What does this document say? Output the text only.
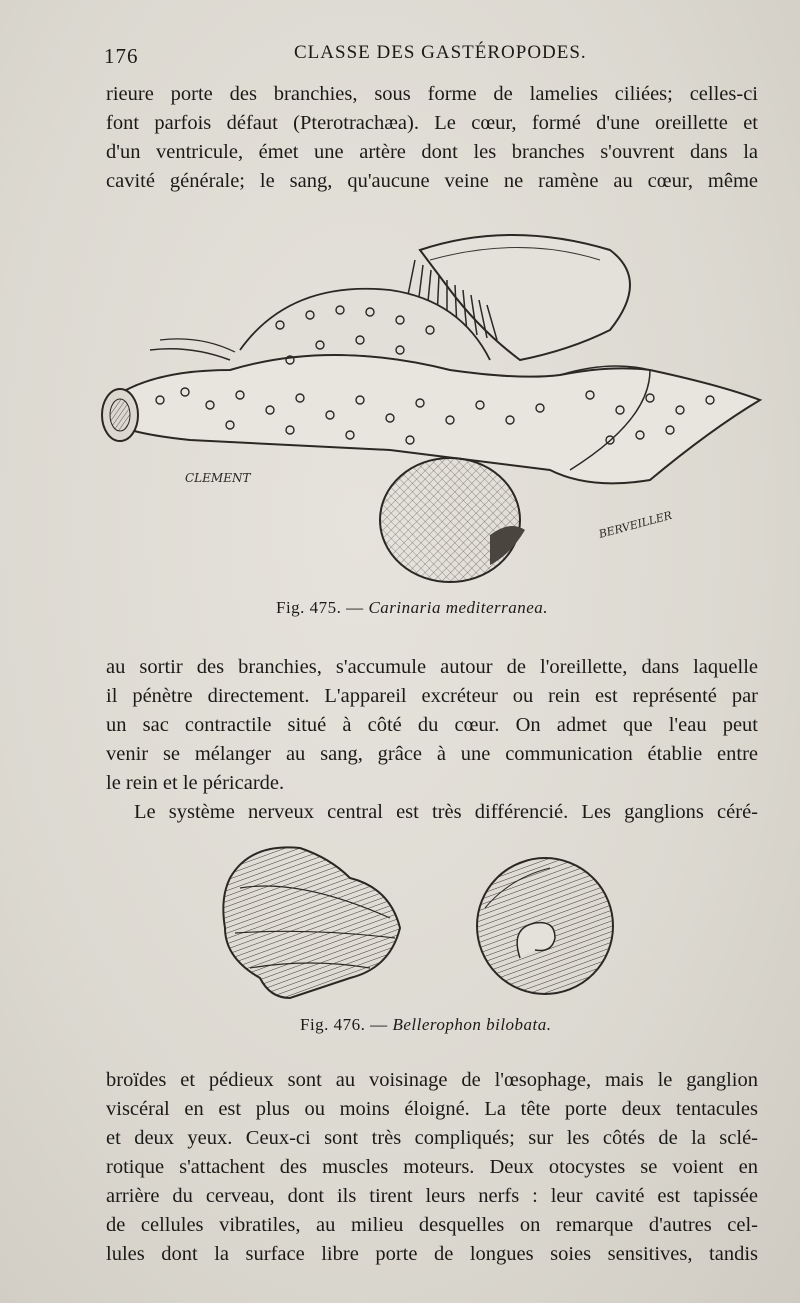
176	CLASSE DES GASTÉROPODES.
rieure porte des branchies, sous forme de lamelies ciliées; celles-ci
font parfois défaut (Pterotrachæa). Le cœur, formé d'une oreillette et
d'un ventricule, émet une artère dont les branches s'ouvrent dans la
cavité générale; le sang, qu'aucune veine ne ramène au cœur, même
CLEMENT
BERVEILLER
Fig. 475. — Carinaria mediterranea.
au sortir des branchies, s'accumule autour de l'oreillette, dans laquelle
il pénètre directement. L'appareil excréteur ou rein est représenté par
un sac contractile situé à côté du cœur. On admet que l'eau peut
venir se mélanger au sang, grâce à une communication établie entre
le rein et le péricarde.
Le système nerveux central est très différencié. Les ganglions céré-
Fig. 476. — Bellerophon bilobata.
broïdes et pédieux sont au voisinage de l'œsophage, mais le ganglion
viscéral en est plus ou moins éloigné. La tête porte deux tentacules
et deux yeux. Ceux-ci sont très compliqués; sur les côtés de la sclé-
rotique s'attachent des muscles moteurs. Deux otocystes se voient en
arrière du cerveau, dont ils tirent leurs nerfs : leur cavité est tapissée
de cellules vibratiles, au milieu desquelles on remarque d'autres cel-
lules dont la surface libre porte de longues soies sensitives, tandis
